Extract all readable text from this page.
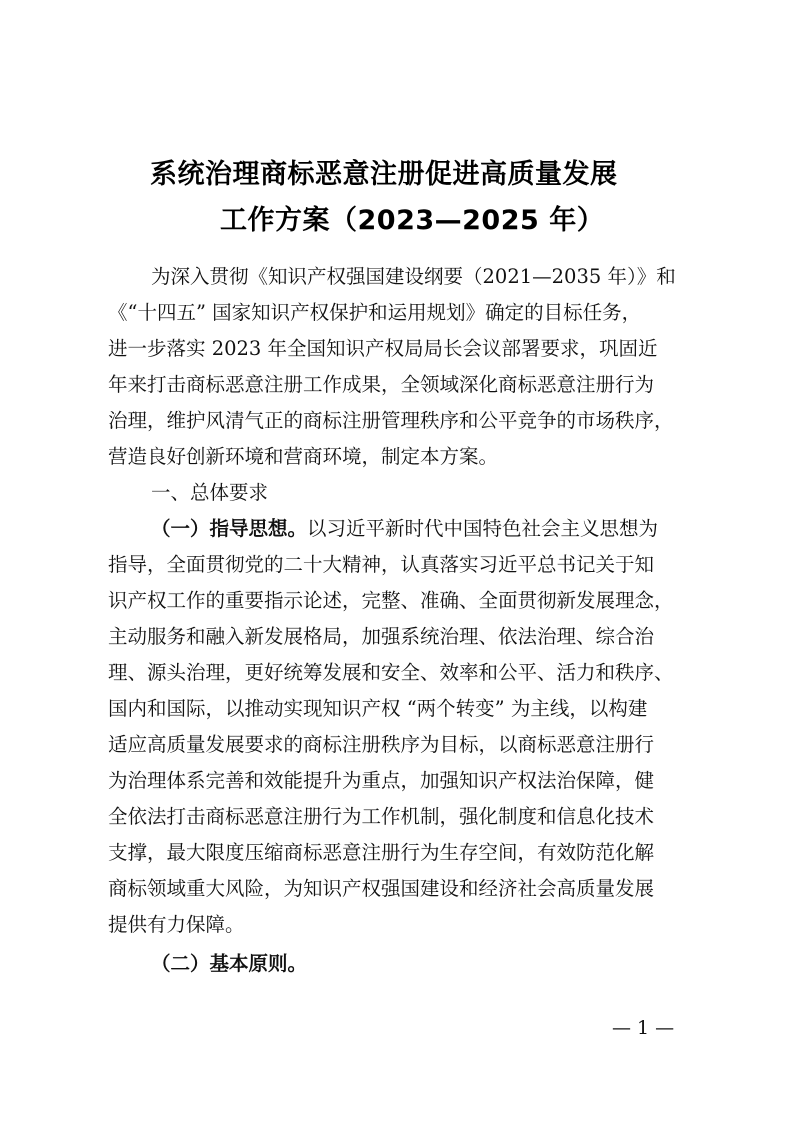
系统治理商标恶意注册促进高质量发展
工作方案（2023—2025 年）
为深入贯彻《知识产权强国建设纲要（2021—2035 年）》和
《“十四五” 国家知识产权保护和运用规划》确定的目标任务，
进一步落实 2023 年全国知识产权局局长会议部署要求，巩固近
年来打击商标恶意注册工作成果，全领域深化商标恶意注册行为
治理，维护风清气正的商标注册管理秩序和公平竞争的市场秩序，
营造良好创新环境和营商环境，制定本方案。
一、总体要求
（一）指导思想。以习近平新时代中国特色社会主义思想为
指导，全面贯彻党的二十大精神，认真落实习近平总书记关于知
识产权工作的重要指示论述，完整、准确、全面贯彻新发展理念，
主动服务和融入新发展格局，加强系统治理、依法治理、综合治
理、源头治理，更好统筹发展和安全、效率和公平、活力和秩序、
国内和国际，以推动实现知识产权 “两个转变” 为主线，以构建
适应高质量发展要求的商标注册秩序为目标，以商标恶意注册行
为治理体系完善和效能提升为重点，加强知识产权法治保障，健
全依法打击商标恶意注册行为工作机制，强化制度和信息化技术
支撑，最大限度压缩商标恶意注册行为生存空间，有效防范化解
商标领域重大风险，为知识产权强国建设和经济社会高质量发展
提供有力保障。
（二）基本原则。
— 1 —
